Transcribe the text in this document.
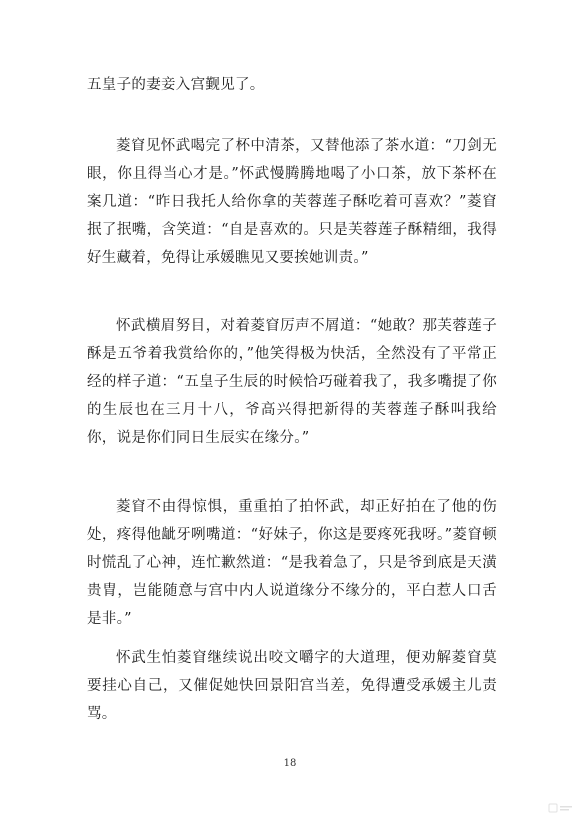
五皇子的妻妾入宫觐见了。

菱窅见怀武喝完了杯中清茶，又替他添了茶水道：“刀剑无眼，你且得当心才是。”怀武慢腾腾地喝了小口茶，放下茶杯在案几道：“昨日我托人给你拿的芙蓉莲子酥吃着可喜欢？”菱窅抿了抿嘴，含笑道：“自是喜欢的。只是芙蓉莲子酥精细，我得好生藏着，免得让承媛瞧见又要挨她训责。”

怀武横眉努目，对着菱窅厉声不屑道：“她敢？那芙蓉莲子酥是五爷着我赏给你的，”他笑得极为快活，全然没有了平常正经的样子道：“五皇子生辰的时候恰巧碰着我了，我多嘴提了你的生辰也在三月十八，爷高兴得把新得的芙蓉莲子酥叫我给你，说是你们同日生辰实在缘分。”

菱窅不由得惊惧，重重拍了拍怀武，却正好拍在了他的伤处，疼得他龇牙咧嘴道：“好妹子，你这是要疼死我呀。”菱窅顿时慌乱了心神，连忙歉然道：“是我着急了，只是爷到底是天潢贵胄，岂能随意与宫中内人说道缘分不缘分的，平白惹人口舌是非。”

怀武生怕菱窅继续说出咬文嚼字的大道理，便劝解菱窅莫要挂心自己，又催促她快回景阳宫当差，免得遭受承媛主儿责骂。

18
